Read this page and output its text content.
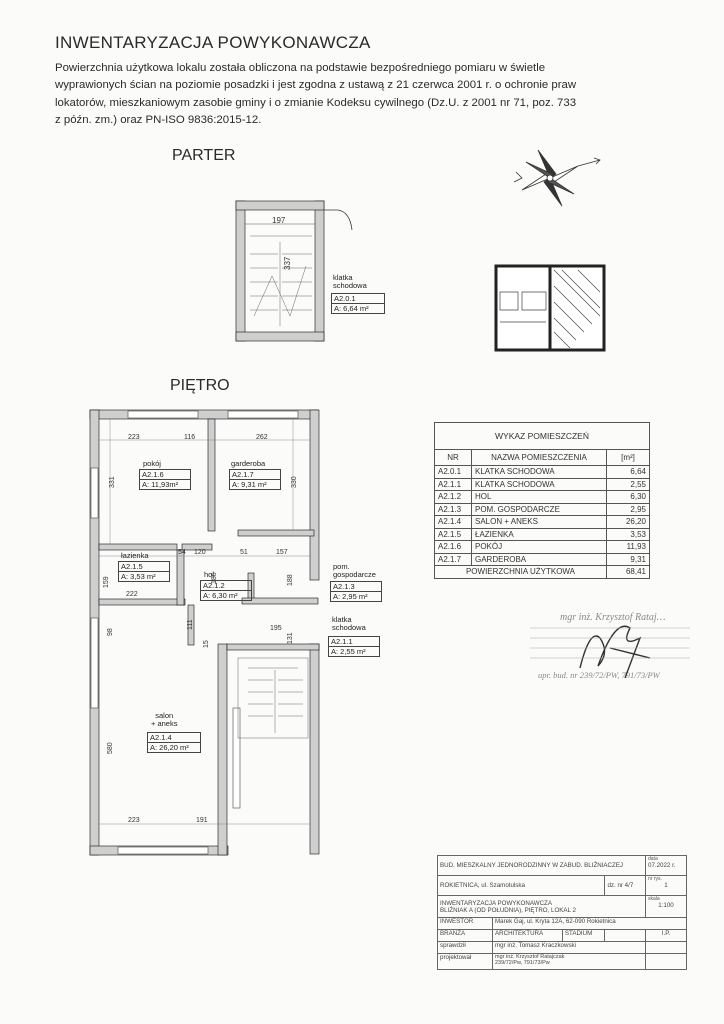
INWENTARYZACJA POWYKONAWCZA
Powierzchnia użytkowa lokalu została obliczona na podstawie bezpośredniego pomiaru w świetle
wyprawionych ścian na poziomie posadzki i jest zgodna z ustawą z 21 czerwca 2001 r. o ochronie praw
lokatorów, mieszkaniowym zasobie gminy i o zmianie Kodeksu cywilnego (Dz.U. z 2001 nr 71, poz. 733
z późn. zm.) oraz PN-ISO 9836:2015-12.
PARTER
PIĘTRO
197
337
klatka
schodowa
A2.0.1
A: 6,64 m²
223	116	262
331	330
54 120	51	157
186	188
159
222
111
15
195
131
98
580
223	191
pokój
A2.1.6
A: 11,93m²
garderoba
A2.1.7
A: 9,31 m²
łazienka
A2.1.5
A: 3,53 m²	hol
A2.1.2
A: 6,30 m²
pom.
gospodarcze
A2.1.3
A: 2,95 m²
klatka
schodowa
A2.1.1
A: 2,55 m²
salon
+ aneks
A2.1.4
A: 26,20 m²
WYKAZ POMIESZCZEŃ		
NR	NAZWA POMIESZCZENIA	[m²]
A2.0.1	KLATKA SCHODOWA	6,64
A2.1.1	KLATKA SCHODOWA	2,55
A2.1.2	HOL	6,30
A2.1.3	POM. GOSPODARCZE	2,95
A2.1.4	SALON + ANEKS	26,20
A2.1.5	ŁAZIENKA	3,53
A2.1.6	POKÓJ	11,93
A2.1.7	GARDEROBA	9,31
POWIERZCHNIA UŻYTKOWA		68,41
mgr inż. Krzysztof Rataj…
upr. bud. nr 239/72/PW, 791/73/PW
BUD. MIESZKALNY JEDNORODZINNY W ZABUD. BLIŹNIACZEJ				data
07.2022 r.
ROKIETNICA, ul. Szamotulska			dz. nr 4/7	nr rys.
1

INWENTARYZACJA POWYKONAWCZA
BLIŹNIAK A (OD POŁUDNIA), PIĘTRO, LOKAL 2				skala
1:100

INWESTOR	Marek Gaj, ul. Kryta 12A, 62-090 Rokietnica			
BRANŻA	ARCHITEKTURA	STADIUM		I.P.
sprawdził	mgr inż. Tomasz Kraczkowski			
projektował	mgr inż. Krzysztof Ratajczak
239/72/Pw, 791/73/Pw			
